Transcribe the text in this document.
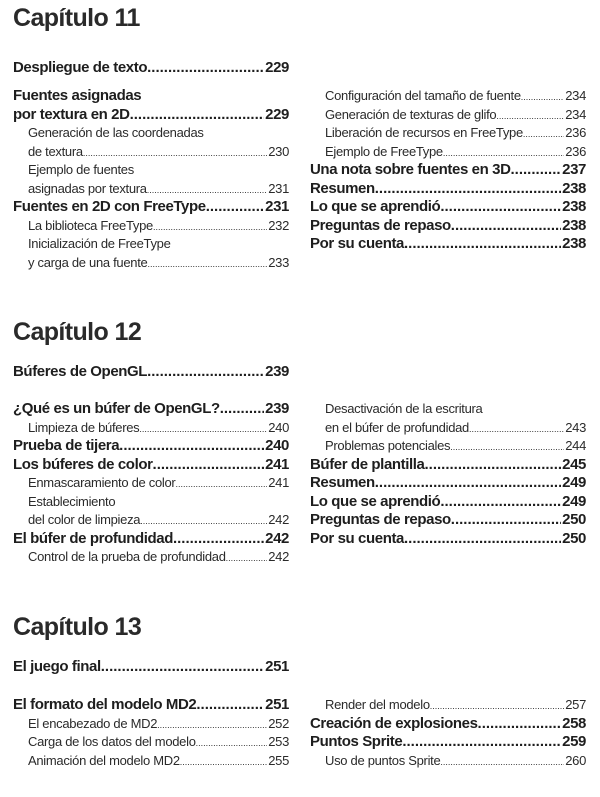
Capítulo 11
Despliegue de texto .....	229
Fuentes asignadas
por textura en 2D .....	229
Generación de las coordenadas
de textura .....	230
Ejemplo de fuentes
asignadas por textura .....	231
Fuentes en 2D con FreeType .....	231
La biblioteca FreeType .....	232
Inicialización de FreeType
y carga de una fuente .....	233
Configuración del tamaño de fuente .....	234
Generación de texturas de glifo .....	234
Liberación de recursos en FreeType .....	236
Ejemplo de FreeType .....	236
Una nota sobre fuentes en 3D .....	237
Resumen .....	238
Lo que se aprendió .....	238
Preguntas de repaso .....	238
Por su cuenta .....	238
Capítulo 12
Búferes de OpenGL .....	239
¿Qué es un búfer de OpenGL? .....	239
Limpieza de búferes .....	240
Prueba de tijera .....	240
Los búferes de color .....	241
Enmascaramiento de color .....	241
Establecimiento
del color de limpieza .....	242
El búfer de profundidad .....	242
Control de la prueba de profundidad .....	242
Desactivación de la escritura
en el búfer de profundidad .....	243
Problemas potenciales .....	244
Búfer de plantilla .....	245
Resumen .....	249
Lo que se aprendió .....	249
Preguntas de repaso .....	250
Por su cuenta .....	250
Capítulo 13
El juego final .....	251
El formato del modelo MD2 .....	251
El encabezado de MD2 .....	252
Carga de los datos del modelo .....	253
Animación del modelo MD2 .....	255
Render del modelo .....	257
Creación de explosiones .....	258
Puntos Sprite .....	259
Uso de puntos Sprite .....	260
